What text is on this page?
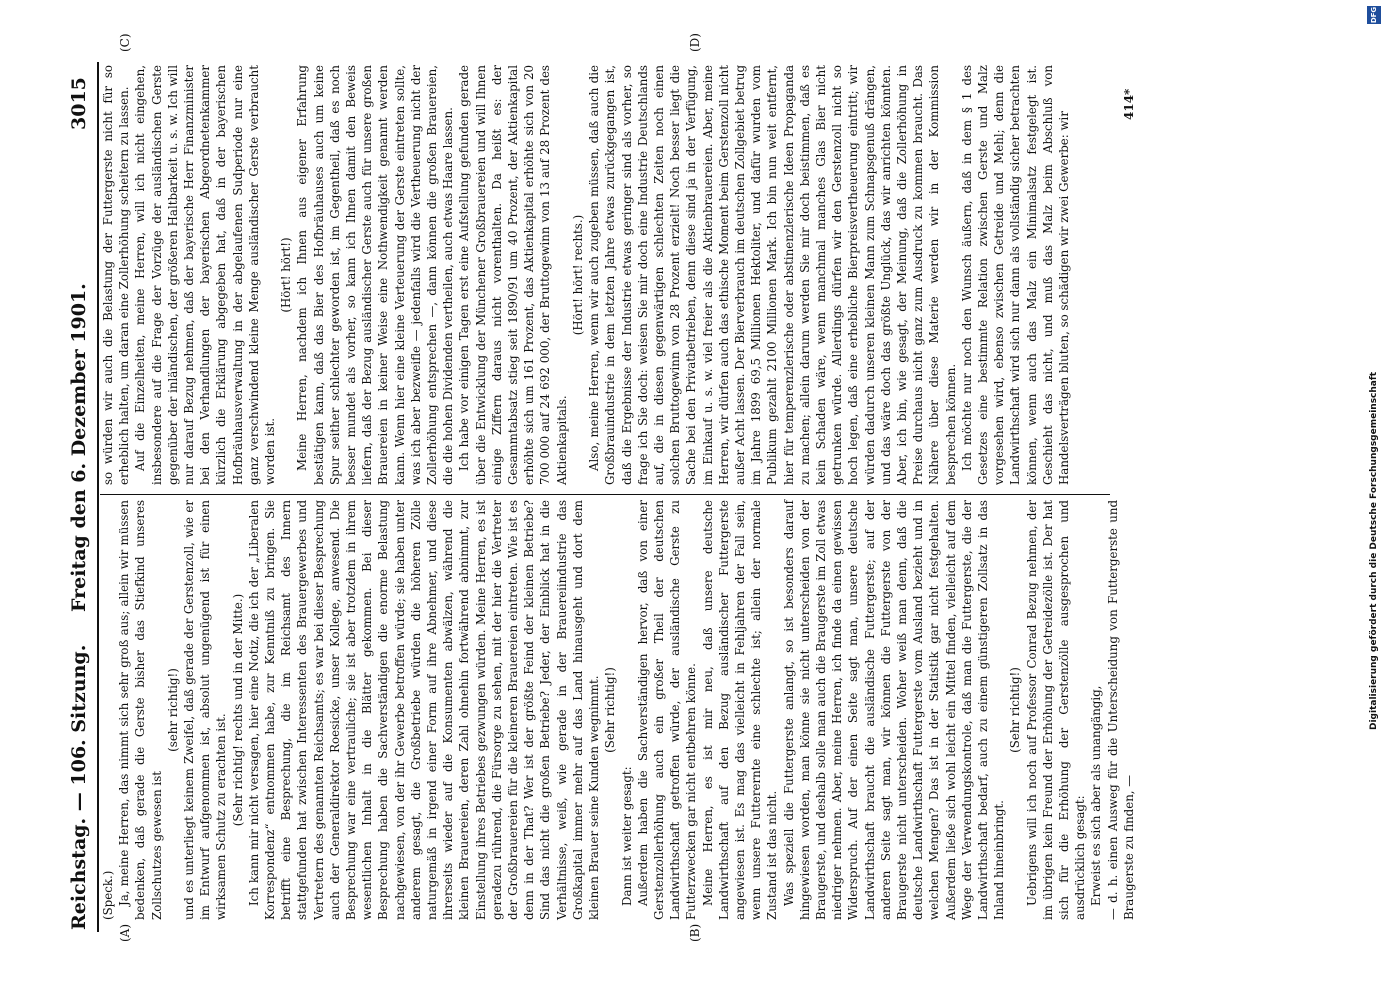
Reichstag. — 106. Sitzung.
Freitag den 6. Dezember 1901.
3015
(A)	(B)
(C)	(D)

(Speck.) Ja, meine Herren, das nimmt sich sehr groß aus; allein wir müssen bedenken, daß gerade die Gerste bisher das Stiefkind unseres Zollschutzes gewesen ist

(sehr richtig!) und es unterliegt keinem Zweifel, daß gerade der Gerstenzoll, wie er im Entwurf aufgenommen ist, absolut ungenügend ist für einen wirksamen Schutz zu erachten ist. (Sehr richtig! rechts und in der Mitte.) Ich kann mir nicht versagen, hier eine Notiz, die ich der „Liberalen Korrespondenz“ entnommen habe, zur Kenntniß zu bringen. Sie betrifft eine Besprechung, die im Reichsamt des Innern stattgefunden hat zwischen Interessenten des Brauergewerbes und Vertretern des genannten Reichsamts; es war bei dieser Besprechung auch der Generaldirektor Roesicke, unser Kollege, anwesend. Die Besprechung war eine vertrauliche; sie ist aber trotzdem in ihrem wesentlichen Inhalt in die Blätter gekommen. Bei dieser Besprechung haben die Sachverständigen die enorme Belastung nachgewiesen, von der ihr Gewerbe betroffen würde; sie haben unter anderem gesagt, die Großbetriebe würden die höheren Zölle naturgemäß in irgend einer Form auf ihre Abnehmer, und diese ihrerseits wieder auf die Konsumenten abwälzen, während die kleinen Brauereien, deren Zahl ohnehin fortwährend abnimmt, zur Einstellung ihres Betriebes gezwungen würden. Meine Herren, es ist geradezu rührend, die Fürsorge zu sehen, mit der hier die Vertreter der Großbrauereien für die kleineren Brauereien eintreten. Wie ist es denn in der That? Wer ist der größte Feind der kleinen Betriebe? Sind das nicht die großen Betriebe? Jeder, der Einblick hat in die Verhältnisse, weiß, wie gerade in der Brauereiindustrie das Großkapital immer mehr auf das Land hinausgeht und dort dem kleinen Brauer seine Kunden wegnimmt. (Sehr richtig!)

Dann ist weiter gesagt: Außerdem haben die Sachverständigen hervor, daß von einer Gerstenzollerhöhung auch ein großer Theil der deutschen Landwirthschaft getroffen würde, der ausländische Gerste zu Futterzwecken gar nicht entbehren könne. Meine Herren, es ist mir neu, daß unsere deutsche Landwirthschaft auf den Bezug ausländischer Futtergerste angewiesen ist. Es mag das vielleicht in Fehljahren der Fall sein, wenn unsere Futterernte eine schlechte ist; allein der normale Zustand ist das nicht. Was speziell die Futtergerste anlangt, so ist besonders darauf hingewiesen worden, man könne sie nicht unterscheiden von der Braugerste, und deshalb solle man auch die Braugerste im Zoll etwas niedriger nehmen. Aber, meine Herren, ich finde da einen gewissen Widerspruch. Auf der einen Seite sagt man, unsere deutsche Landwirthschaft braucht die ausländische Futtergerste; auf der anderen Seite sagt man, wir können die Futtergerste von der Braugerste nicht unterscheiden. Woher weiß man denn, daß die deutsche Landwirthschaft Futtergerste vom Ausland bezieht und in welchen Mengen? Das ist in der Statistik gar nicht festgehalten. Außerdem ließe sich wohl leicht ein Mittel finden, vielleicht auf dem Wege der Verwendungskontrole, daß man die Futtergerste, die der Landwirthschaft bedarf, auch zu einem günstigeren Zollsatz in das Inland hineinbringt.

(Sehr richtig!) Uebrigens will ich noch auf Professor Conrad Bezug nehmen, der im übrigen kein Freund der Erhöhung der Getreidezölle ist. Der hat sich für die Erhöhung der Gerstenzölle ausgesprochen und ausdrücklich gesagt: Erweist es sich aber als unangängig, — d. h. einen Ausweg für die Unterscheidung von Futtergerste und Braugerste zu finden, —

so würden wir auch die Belastung der Futtergerste nicht für so erheblich halten, um daran eine Zollerhöhung scheitern zu lassen. Auf die Einzelheiten, meine Herren, will ich nicht eingehen, insbesondere auf die Frage der Vorzüge der ausländischen Gerste gegenüber der inländischen, der größeren Haltbarkeit u. s. w. Ich will nur darauf Bezug nehmen, daß der bayerische Herr Finanzminister bei den Verhandlungen der bayerischen Abgeordnetenkammer kürzlich die Erklärung abgegeben hat, daß in der bayerischen Hofbräuhausverwaltung in der abgelaufenen Sudperiode nur eine ganz verschwindend kleine Menge ausländischer Gerste verbraucht worden ist.

(Hört! hört!) Meine Herren, nachdem ich Ihnen aus eigener Erfahrung bestätigen kann, daß das Bier des Hofbräuhauses auch um keine Spur seither schlechter geworden ist, im Gegentheil, daß es noch besser mundet als vorher, so kann ich Ihnen damit den Beweis liefern, daß der Bezug ausländischer Gerste auch für unsere großen Brauereien in keiner Weise eine Nothwendigkeit genannt werden kann. Wenn hier eine kleine Verteuerung der Gerste eintreten sollte, was ich aber bezweifle — jedenfalls wird die Vertheuerung nicht der Zollerhöhung entsprechen —, dann können die großen Brauereien, die die hohen Dividenden vertheilen, auch etwas Haare lassen. Ich habe vor einigen Tagen erst eine Aufstellung gefunden gerade über die Entwicklung der Münchener Großbrauereien und will Ihnen einige Ziffern daraus nicht vorenthalten. Da heißt es: der Gesammtabsatz stieg seit 1890/91 um 40 Prozent, der Aktienkapital erhöhte sich um 161 Prozent, das Aktienkapital erhöhte sich von 20 700 000 auf 24 692 000, der Bruttogewinn von 13 auf 28 Prozent des Aktienkapitals.

(Hört! hört! rechts.) Also, meine Herren, wenn wir auch zugeben müssen, daß auch die Großbrauindustrie in dem letzten Jahre etwas zurückgegangen ist, daß die Ergebnisse der Industrie etwas geringer sind als vorher, so frage ich Sie doch: weisen Sie mir doch eine Industrie Deutschlands auf, die in diesen gegenwärtigen schlechten Zeiten noch einen solchen Bruttogewinn von 28 Prozent erzielt! Noch besser liegt die Sache bei den Privatbetrieben, denn diese sind ja in der Verfügung, im Einkauf u. s. w. viel freier als die Aktienbrauereien. Aber, meine Herren, wir dürfen auch das ethische Moment beim Gerstenzoll nicht außer Acht lassen. Der Bierverbrauch im deutschen Zollgebiet betrug im Jahre 1899 69,5 Millionen Hektoliter, und dafür wurden vom Publikum gezahlt 2100 Millionen Mark. Ich bin nun weit entfernt, hier für temperenzlerische oder abstinenzlerische Ideen Propaganda zu machen; allein darum werden Sie mir doch beistimmen, daß es kein Schaden wäre, wenn manchmal manches Glas Bier nicht getrunken würde. Allerdings dürfen wir den Gerstenzoll nicht so hoch legen, daß eine erhebliche Bierpreisvertheuerung eintritt; wir würden dadurch unseren kleinen Mann zum Schnapsgenuß drängen, und das wäre doch das größte Unglück, das wir anrichten könnten. Aber, ich bin, wie gesagt, der Meinung, daß die Zollerhöhung in Preise durchaus nicht ganz zum Ausdruck zu kommen braucht. Das Nähere über diese Materie werden wir in der Kommission besprechen können. Ich möchte nur noch den Wunsch äußern, daß in dem § 1 des Gesetzes eine bestimmte Relation zwischen Gerste und Malz vorgesehen wird, ebenso zwischen Getreide und Mehl; denn die Landwirthschaft wird sich nur dann als vollständig sicher betrachten können, wenn auch das Malz ein Minimalsatz festgelegt ist. Geschieht das nicht, und muß das Malz beim Abschluß von Handelsverträgen bluten, so schädigen wir zwei Gewerbe: wir

414*
Digitalisierung gefördert durch die Deutsche Forschungsgemeinschaft
DFG
